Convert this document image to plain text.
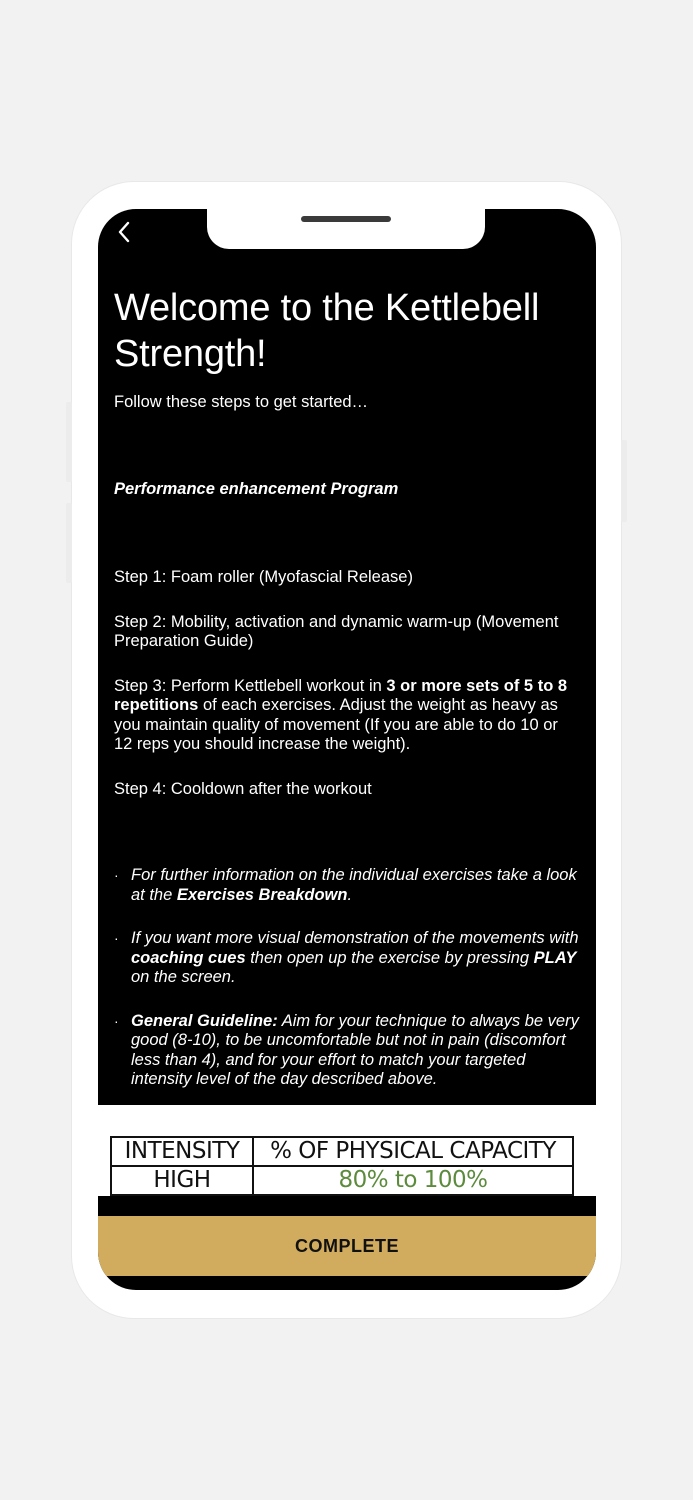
Welcome to the Kettlebell Strength!

Follow these steps to get started…

Performance enhancement Program

Step 1: Foam roller (Myofascial Release)

Step 2: Mobility, activation and dynamic warm-up (Movement Preparation Guide)

Step 3: Perform Kettlebell workout in 3 or more sets of 5 to 8 repetitions of each exercises. Adjust the weight as heavy as you maintain quality of movement (If you are able to do 10 or 12 reps you should increase the weight).

Step 4: Cooldown after the workout

· For further information on the individual exercises take a look at the Exercises Breakdown.

· If you want more visual demonstration of the movements with coaching cues then open up the exercise by pressing PLAY on the screen.

· General Guideline: Aim for your technique to always be very good (8-10), to be uncomfortable but not in pain (discomfort less than 4), and for your effort to match your targeted intensity level of the day described above.

INTENSITY	% OF PHYSICAL CAPACITY
HIGH	80% to 100%
COMPLETE
